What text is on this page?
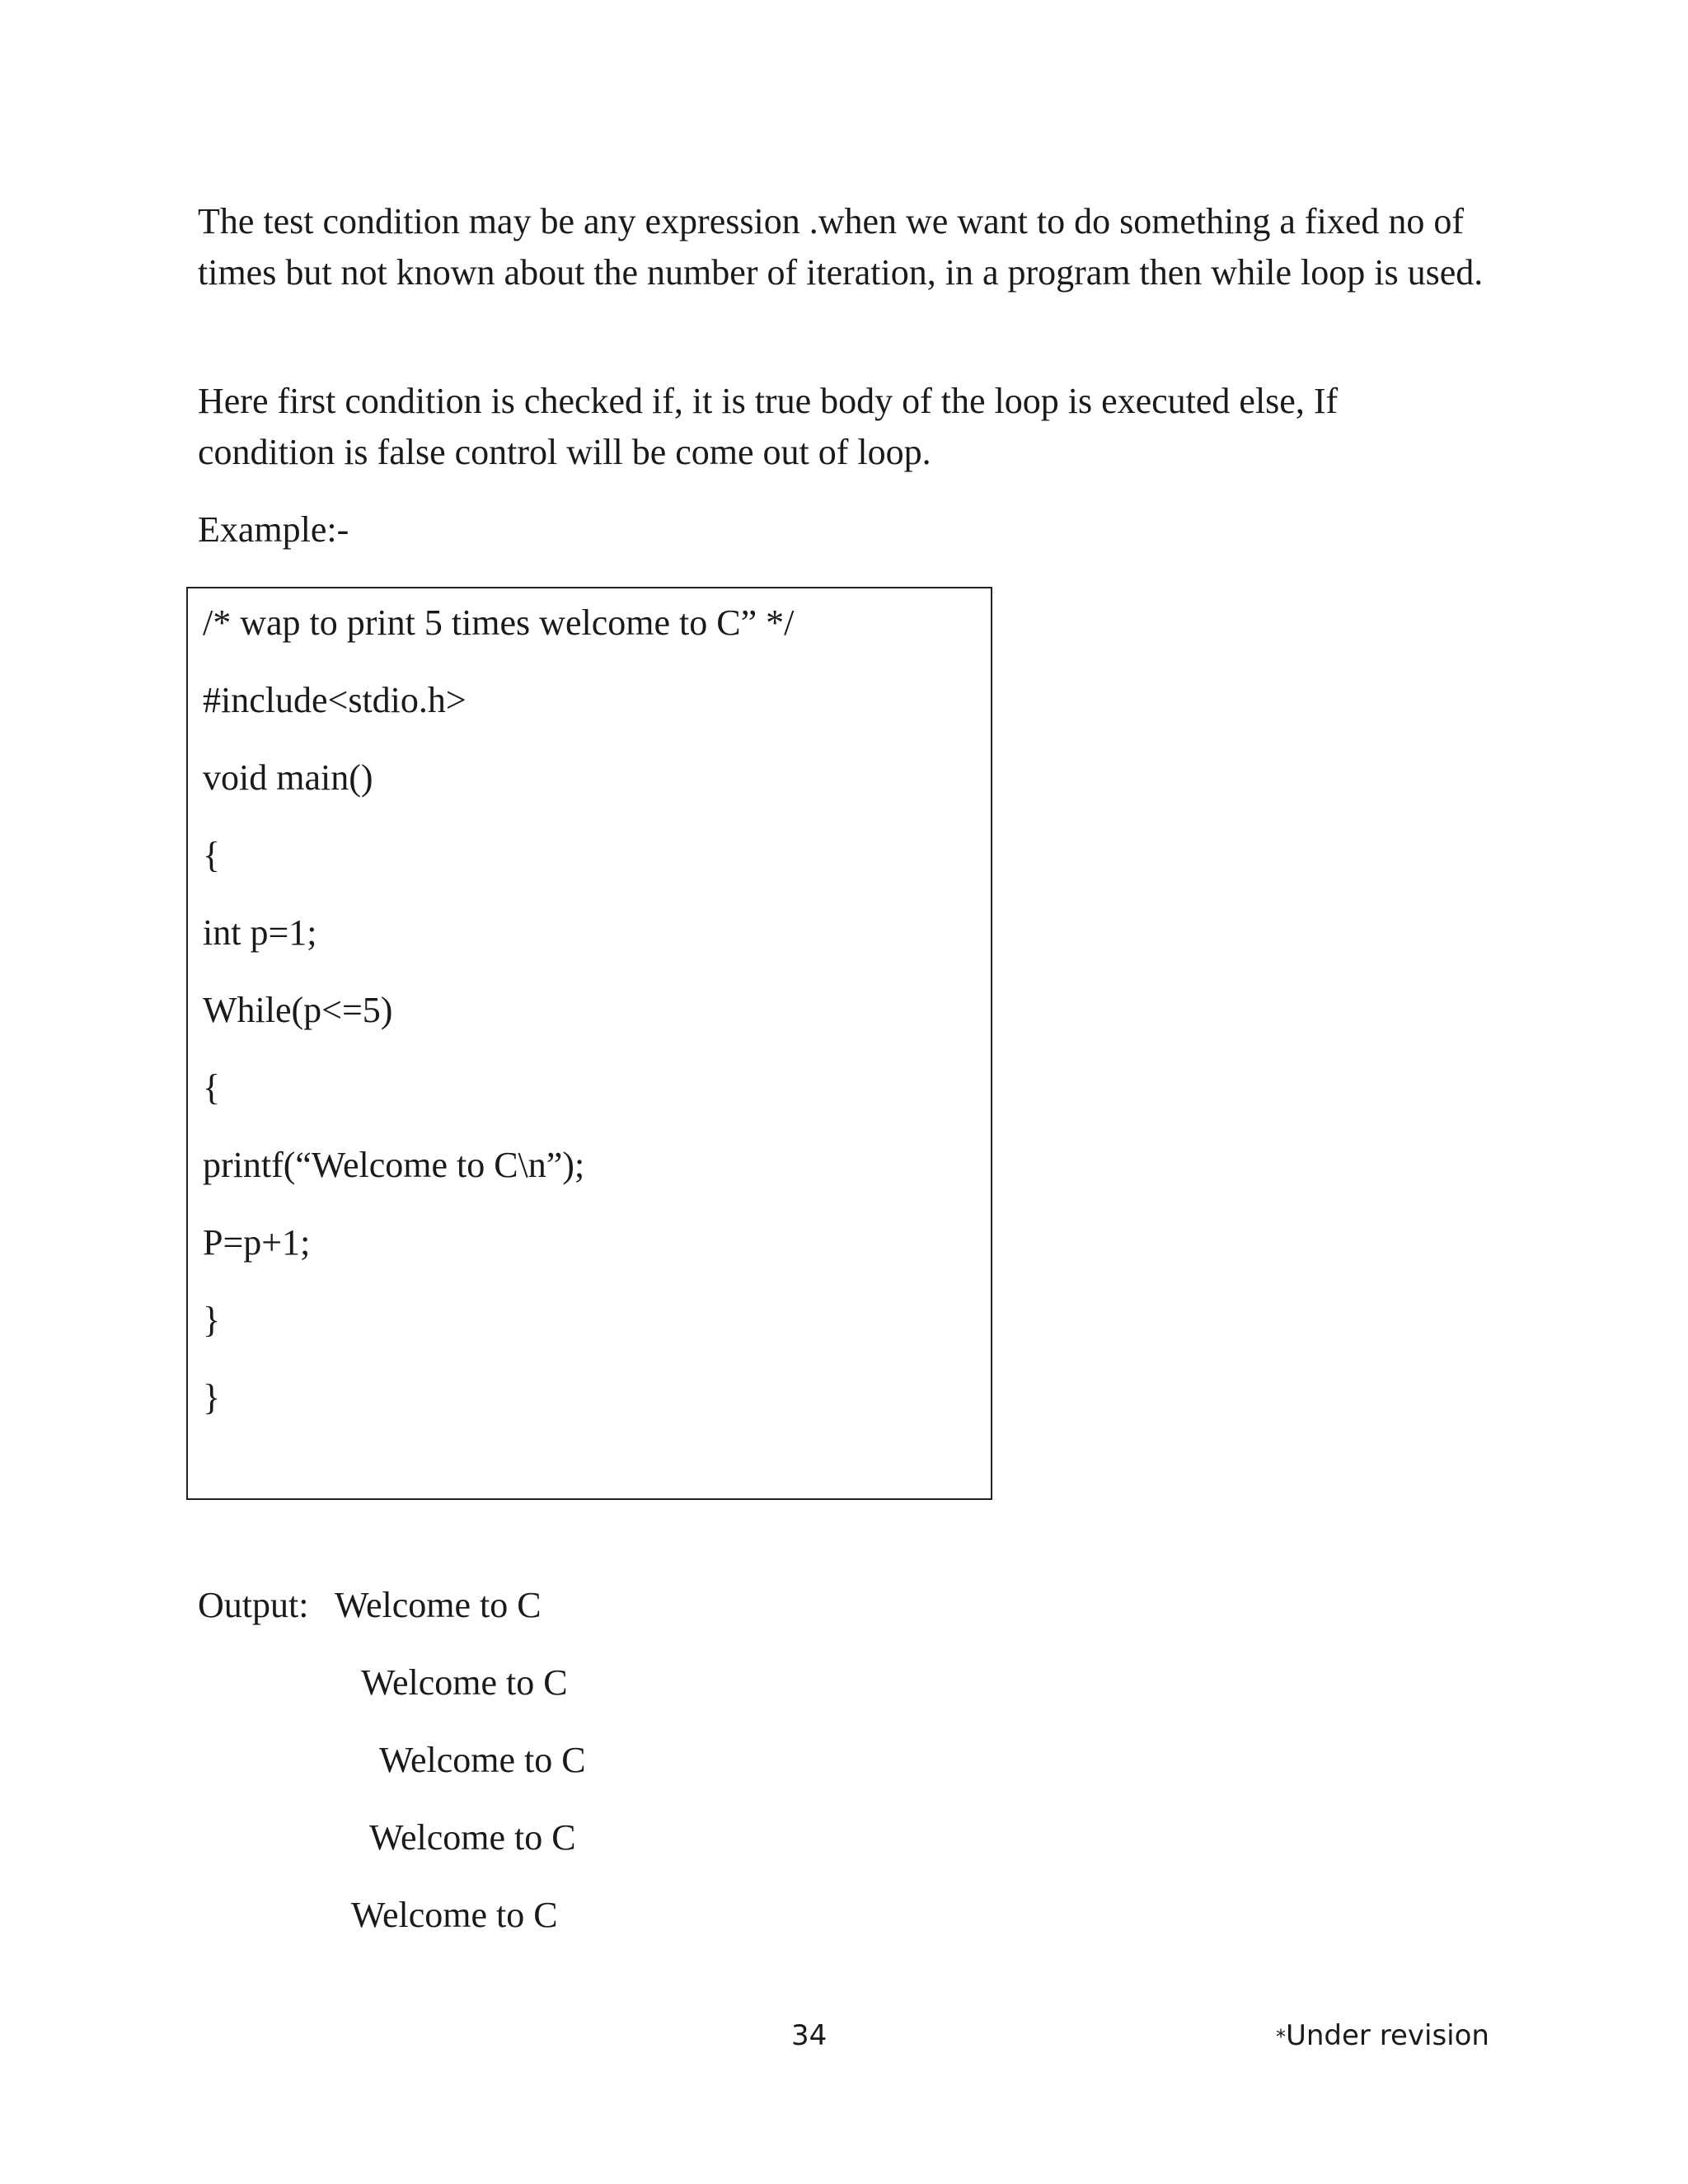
The test condition may be any expression .when we want to do something a fixed no of times but not known about the number of iteration, in a program then while loop is used.

Here first condition is checked if, it is true body of the loop is executed else, If condition is false control will be come out of loop.

Example:-

/* wap to print 5 times welcome to C” */
#include<stdio.h>
void main()
{
int p=1;
While(p<=5)
{
printf(“Welcome to C\n”);
P=p+1;
}
}
Output: Welcome to C
Welcome to C
Welcome to C
Welcome to C
Welcome to C
34	*Under revision
